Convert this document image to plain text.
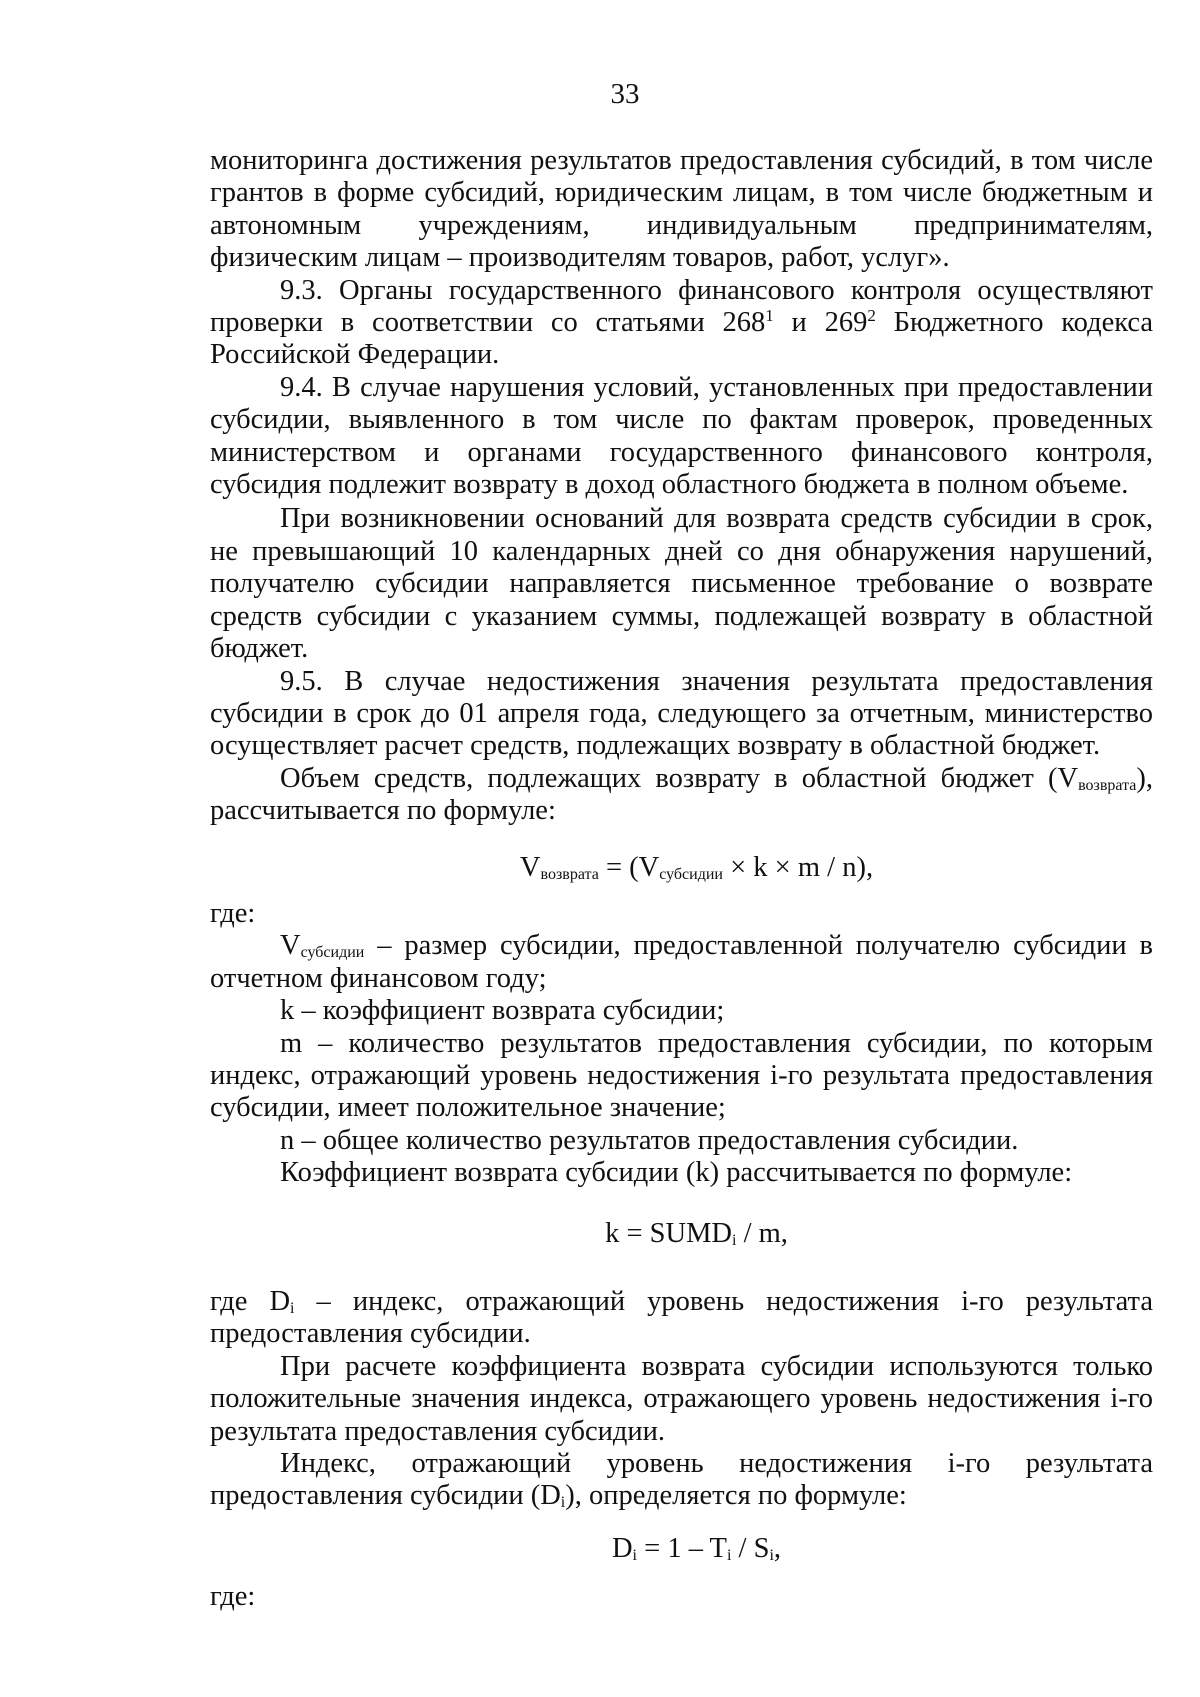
33

мониторинга достижения результатов предоставления субсидий, в том числе грантов в форме субсидий, юридическим лицам, в том числе бюджетным и автономным учреждениям, индивидуальным предпринимателям, физическим лицам – производителям товаров, работ, услуг».

9.3. Органы государственного финансового контроля осуществляют проверки в соответствии со статьями $268^1$ и $269^2$ Бюджетного кодекса Российской Федерации.

9.4. В случае нарушения условий, установленных при предоставлении субсидии, выявленного в том числе по фактам проверок, проведенных министерством и органами государственного финансового контроля, субсидия подлежит возврату в доход областного бюджета в полном объеме.

При возникновении оснований для возврата средств субсидии в срок, не превышающий 10 календарных дней со дня обнаружения нарушений, получателю субсидии направляется письменное требование о возврате средств субсидии с указанием суммы, подлежащей возврату в областной бюджет.

9.5. В случае недостижения значения результата предоставления субсидии в срок до 01 апреля года, следующего за отчетным, министерство осуществляет расчет средств, подлежащих возврату в областной бюджет.

Объем средств, подлежащих возврату в областной бюджет $(V_{возврата})$, рассчитывается по формуле:

$V_{возврата} = (V_{субсидии} \times k \times m / n)$,

где:

$V_{субсидии}$ – размер субсидии, предоставленной получателю субсидии в отчетном финансовом году;

k – коэффициент возврата субсидии;

m – количество результатов предоставления субсидии, по которым индекс, отражающий уровень недостижения i-го результата предоставления субсидии, имеет положительное значение;

n – общее количество результатов предоставления субсидии.

Коэффициент возврата субсидии (k) рассчитывается по формуле:

$k = SUMD_i / m$,

где $D_i$ – индекс, отражающий уровень недостижения i-го результата предоставления субсидии.

При расчете коэффициента возврата субсидии используются только положительные значения индекса, отражающего уровень недостижения i-го результата предоставления субсидии.

Индекс, отражающий уровень недостижения i-го результата предоставления субсидии $(D_i)$, определяется по формуле:

$D_i = 1 - T_i / S_i$,

где:
